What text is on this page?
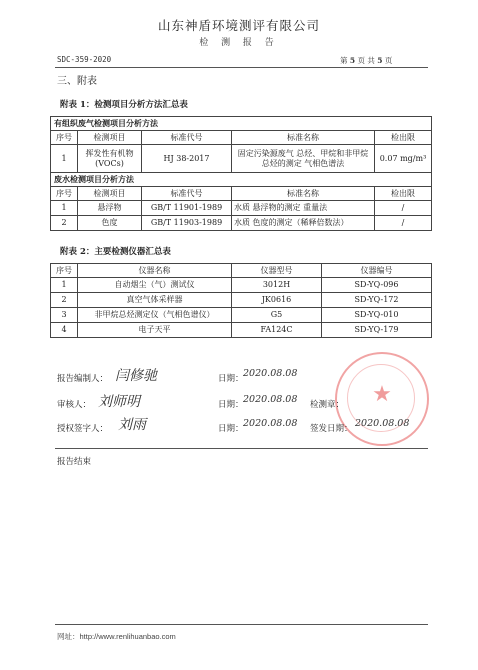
山东神盾环境测评有限公司
检 测 报 告
SDC-359-2020	第 5 页 共 5 页
三、附表
附表 1：检测项目分析方法汇总表
有组织废气检测项目分析方法				
序号	检测项目	标准代号	标准名称	检出限
1	挥发性有机物(VOCs)	HJ 38-2017	固定污染源废气 总烃、甲烷和非甲烷总烃的测定 气相色谱法	0.07 mg/m³
废水检测项目分析方法				
序号	检测项目	标准代号	标准名称	检出限
1	悬浮物	GB/T 11901-1989	水质 悬浮物的测定 重量法	/
2	色度	GB/T 11903-1989	水质 色度的测定（稀释倍数法）	/
附表 2：主要检测仪器汇总表
序号	仪器名称	仪器型号	仪器编号
1	自动烟尘（气）测试仪	3012H	SD-YQ-096
2	真空气体采样器	JK0616	SD-YQ-172
3	非甲烷总烃测定仪（气相色谱仪）	G5	SD-YQ-010
4	电子天平	FA124C	SD-YQ-179
★
报告编制人： 闫修驰	日期： 2020.08.08
审核人： 刘师明	日期： 2020.08.08 检测章：
授权签字人： 刘雨	日期： 2020.08.08 签发日期： 2020.08.08
报告结束
网址：http://www.renlihuanbao.com
